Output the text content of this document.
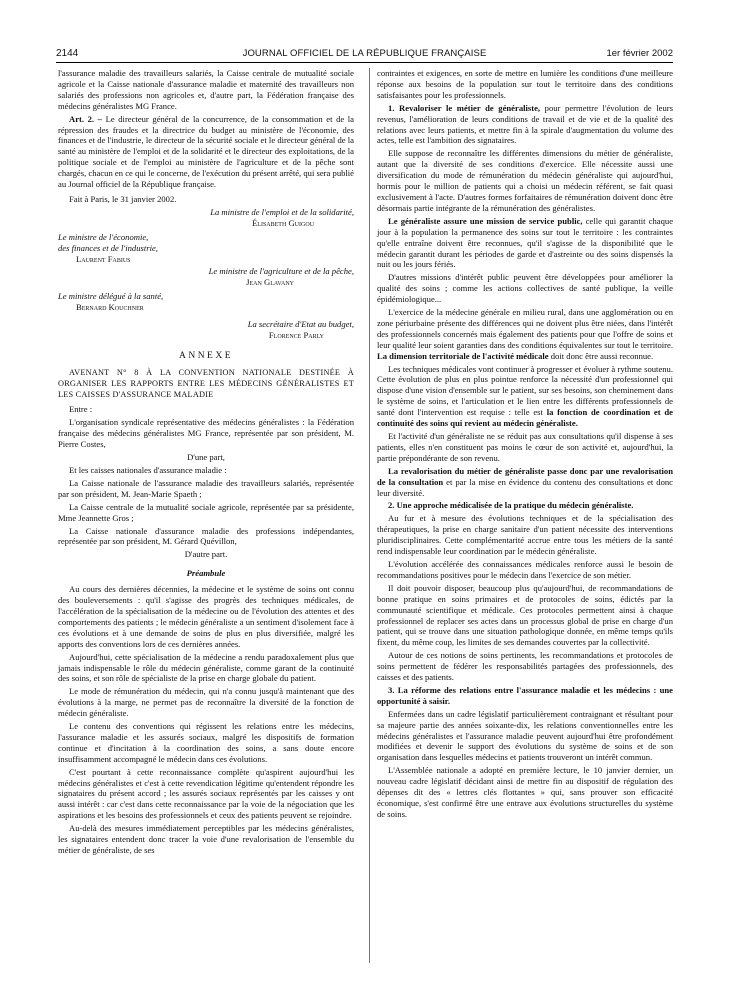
2144	JOURNAL OFFICIEL DE LA RÉPUBLIQUE FRANÇAISE	1er février 2002

l'assurance maladie des travailleurs salariés, la Caisse centrale de mutualité sociale agricole et la Caisse nationale d'assurance maladie et maternité des travailleurs non salariés des professions non agricoles et, d'autre part, la Fédération française des médecins généralistes MG France.

Art. 2. – Le directeur général de la concurrence, de la consommation et de la répression des fraudes et la directrice du budget au ministère de l'économie, des finances et de l'industrie, le directeur de la sécurité sociale et le directeur général de la santé au ministère de l'emploi et de la solidarité et le directeur des exploitations, de la politique sociale et de l'emploi au ministère de l'agriculture et de la pêche sont chargés, chacun en ce qui le concerne, de l'exécution du présent arrêté, qui sera publié au Journal officiel de la République française.

Fait à Paris, le 31 janvier 2002.

La ministre de l'emploi et de la solidarité,

Élisabeth Guigou

Le ministre de l'économie,

des finances et de l'industrie,

Laurent Fabius

Le ministre de l'agriculture et de la pêche,

Jean Glavany

Le ministre délégué à la santé,

Bernard Kouchner

La secrétaire d'Etat au budget,

Florence Parly

ANNEXE

AVENANT N° 8 À LA CONVENTION NATIONALE DESTINÉE À ORGANISER LES RAPPORTS ENTRE LES MÉDECINS GÉNÉRALISTES ET LES CAISSES D'ASSURANCE MALADIE

Entre :

L'organisation syndicale représentative des médecins généralistes : la Fédération française des médecins généralistes MG France, représentée par son président, M. Pierre Costes,

D'une part,

Et les caisses nationales d'assurance maladie :

La Caisse nationale de l'assurance maladie des travailleurs salariés, représentée par son président, M. Jean-Marie Spaeth ;

La Caisse centrale de la mutualité sociale agricole, représentée par sa présidente, Mme Jeannette Gros ;

La Caisse nationale d'assurance maladie des professions indépendantes, représentée par son président, M. Gérard Quévillon,

D'autre part.

Préambule

Au cours des dernières décennies, la médecine et le système de soins ont connu des bouleversements : qu'il s'agisse des progrès des techniques médicales, de l'accélération de la spécialisation de la médecine ou de l'évolution des attentes et des comportements des patients ; le médecin généraliste a un sentiment d'isolement face à ces évolutions et à une demande de soins de plus en plus diversifiée, malgré les apports des conventions lors de ces dernières années.

Aujourd'hui, cette spécialisation de la médecine a rendu paradoxalement plus que jamais indispensable le rôle du médecin généraliste, comme garant de la continuité des soins, et son rôle de spécialiste de la prise en charge globale du patient.

Le mode de rémunération du médecin, qui n'a connu jusqu'à maintenant que des évolutions à la marge, ne permet pas de reconnaître la diversité de la fonction de médecin généraliste.

Le contenu des conventions qui régissent les relations entre les médecins, l'assurance maladie et les assurés sociaux, malgré les dispositifs de formation continue et d'incitation à la coordination des soins, a sans doute encore insuffisamment accompagné le médecin dans ces évolutions.

C'est pourtant à cette reconnaissance complète qu'aspirent aujourd'hui les médecins généralistes et c'est à cette revendication légitime qu'entendent répondre les signataires du présent accord ; les assurés sociaux représentés par les caisses y ont aussi intérêt : car c'est dans cette reconnaissance par la voie de la négociation que les aspirations et les besoins des professionnels et ceux des patients peuvent se rejoindre.

Au-delà des mesures immédiatement perceptibles par les médecins généralistes, les signataires entendent donc tracer la voie d'une revalorisation de l'ensemble du métier de généraliste, de ses

contraintes et exigences, en sorte de mettre en lumière les conditions d'une meilleure réponse aux besoins de la population sur tout le territoire dans des conditions satisfaisantes pour les professionnels.

1. Revaloriser le métier de généraliste, pour permettre l'évolution de leurs revenus, l'amélioration de leurs conditions de travail et de vie et de la qualité des relations avec leurs patients, et mettre fin à la spirale d'augmentation du volume des actes, telle est l'ambition des signataires.

Elle suppose de reconnaître les différentes dimensions du métier de généraliste, autant que la diversité de ses conditions d'exercice. Elle nécessite aussi une diversification du mode de rémunération du médecin généraliste qui aujourd'hui, hormis pour le million de patients qui a choisi un médecin référent, se fait quasi exclusivement à l'acte. D'autres formes forfaitaires de rémunération doivent donc être désormais partie intégrante de la rémunération des généralistes.

Le généraliste assure une mission de service public, celle qui garantit chaque jour à la population la permanence des soins sur tout le territoire : les contraintes qu'elle entraîne doivent être reconnues, qu'il s'agisse de la disponibilité que le médecin garantit durant les périodes de garde et d'astreinte ou des soins dispensés la nuit ou les jours fériés.

D'autres missions d'intérêt public peuvent être développées pour améliorer la qualité des soins ; comme les actions collectives de santé publique, la veille épidémiologique...

L'exercice de la médecine générale en milieu rural, dans une agglomération ou en zone périurbaine présente des différences qui ne doivent plus être niées, dans l'intérêt des professionnels concernés mais également des patients pour que l'offre de soins et leur qualité leur soient garanties dans des conditions équivalentes sur tout le territoire. La dimension territoriale de l'activité médicale doit donc être aussi reconnue.

Les techniques médicales vont continuer à progresser et évoluer à rythme soutenu. Cette évolution de plus en plus pointue renforce la nécessité d'un professionnel qui dispose d'une vision d'ensemble sur le patient, sur ses besoins, son cheminement dans le système de soins, et l'articulation et le lien entre les différents professionnels de santé dont l'intervention est requise : telle est la fonction de coordination et de continuité des soins qui revient au médecin généraliste.

Et l'activité d'un généraliste ne se réduit pas aux consultations qu'il dispense à ses patients, elles n'en constituent pas moins le cœur de son activité et, aujourd'hui, la partie prépondérante de son revenu.

La revalorisation du métier de généraliste passe donc par une revalorisation de la consultation et par la mise en évidence du contenu des consultations et donc leur diversité.

2. Une approche médicalisée de la pratique du médecin généraliste.

Au fur et à mesure des évolutions techniques et de la spécialisation des thérapeutiques, la prise en charge sanitaire d'un patient nécessite des interventions pluridisciplinaires. Cette complémentarité accrue entre tous les métiers de la santé rend indispensable leur coordination par le médecin généraliste.

L'évolution accélérée des connaissances médicales renforce aussi le besoin de recommandations positives pour le médecin dans l'exercice de son métier.

Il doit pouvoir disposer, beaucoup plus qu'aujourd'hui, de recommandations de bonne pratique en soins primaires et de protocoles de soins, édictés par la communauté scientifique et médicale. Ces protocoles permettent ainsi à chaque professionnel de replacer ses actes dans un processus global de prise en charge d'un patient, qui se trouve dans une situation pathologique donnée, en même temps qu'ils fixent, du même coup, les limites de ses demandes couvertes par la collectivité.

Autour de ces notions de soins pertinents, les recommandations et protocoles de soins permettent de fédérer les responsabilités partagées des professionnels, des caisses et des patients.

3. La réforme des relations entre l'assurance maladie et les médecins : une opportunité à saisir.

Enfermées dans un cadre législatif particulièrement contraignant et résultant pour sa majeure partie des années soixante-dix, les relations conventionnelles entre les médecins généralistes et l'assurance maladie peuvent aujourd'hui être profondément modifiées et devenir le support des évolutions du système de soins et de son organisation dans lesquelles médecins et patients trouveront un intérêt commun.

L'Assemblée nationale a adopté en première lecture, le 10 janvier dernier, un nouveau cadre législatif décidant ainsi de mettre fin au dispositif de régulation des dépenses dit des « lettres clés flottantes » qui, sans prouver son efficacité économique, s'est confirmé être une entrave aux évolutions structurelles du système de soins.
